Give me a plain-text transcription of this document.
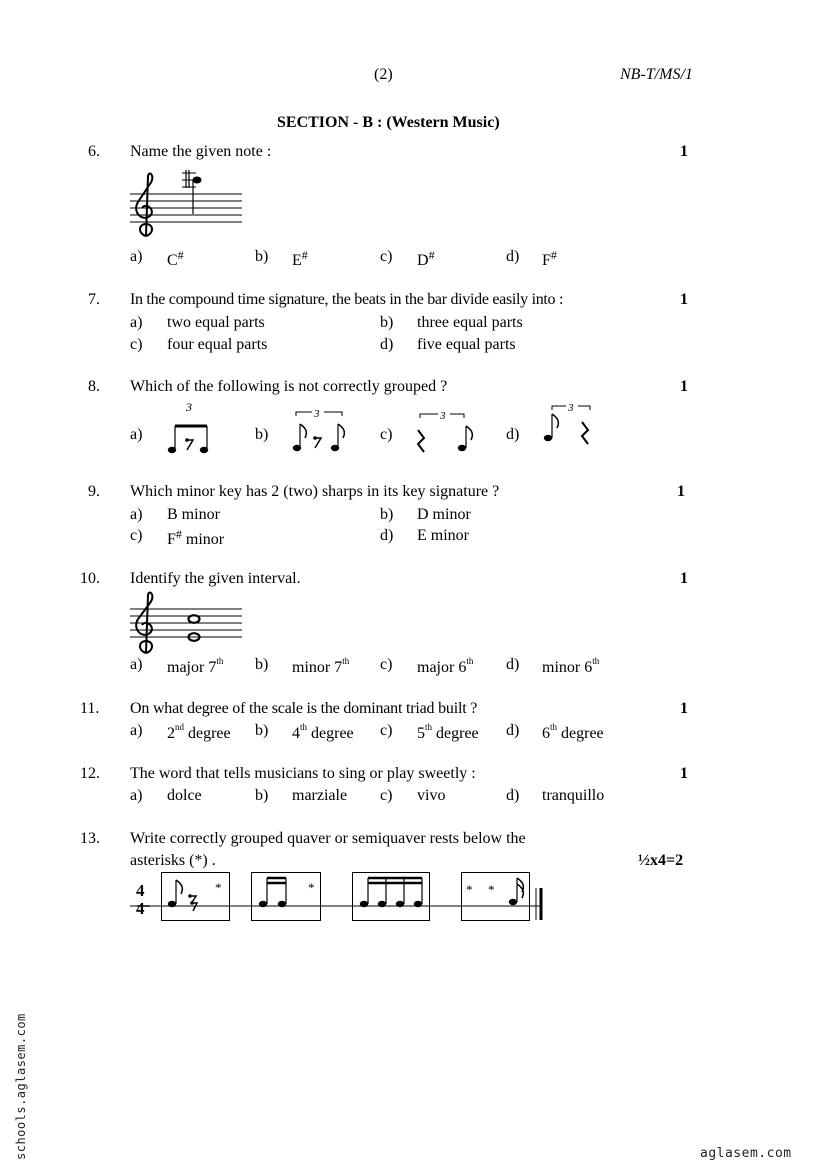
(2)	NB-T/MS/1
SECTION - B : (Western Music)
6. Name the given note :	1
a) C#	b) E#	c) D#	d) F#
7. In the compound time signature, the beats in the bar divide easily into :	1
a) two equal parts	b) three equal parts
c) four equal parts	d) five equal parts
8. Which of the following is not correctly grouped ?	1
a)	b)	c)	d)
3	3	3
3
9. Which minor key has 2 (two) sharps in its key signature ?	1
a) B minor	b) D minor
c) F# minor	d) E minor
10. Identify the given interval.	1
a) major 7th b) minor 7th c) major 6th d) minor 6th
11. On what degree of the scale is the dominant triad built ?	1
a) 2nd degree b) 4th degree c) 5th degree d) 6th degree
12. The word that tells musicians to sing or play sweetly :	1
a) dolce	b) marziale c) vivo	d) tranquillo
13. Write correctly grouped quaver or semiquaver rests below the
asterisks (*) .	½x4=2
4
4
*	*	* *
schools.aglasem.com	aglasem.com
